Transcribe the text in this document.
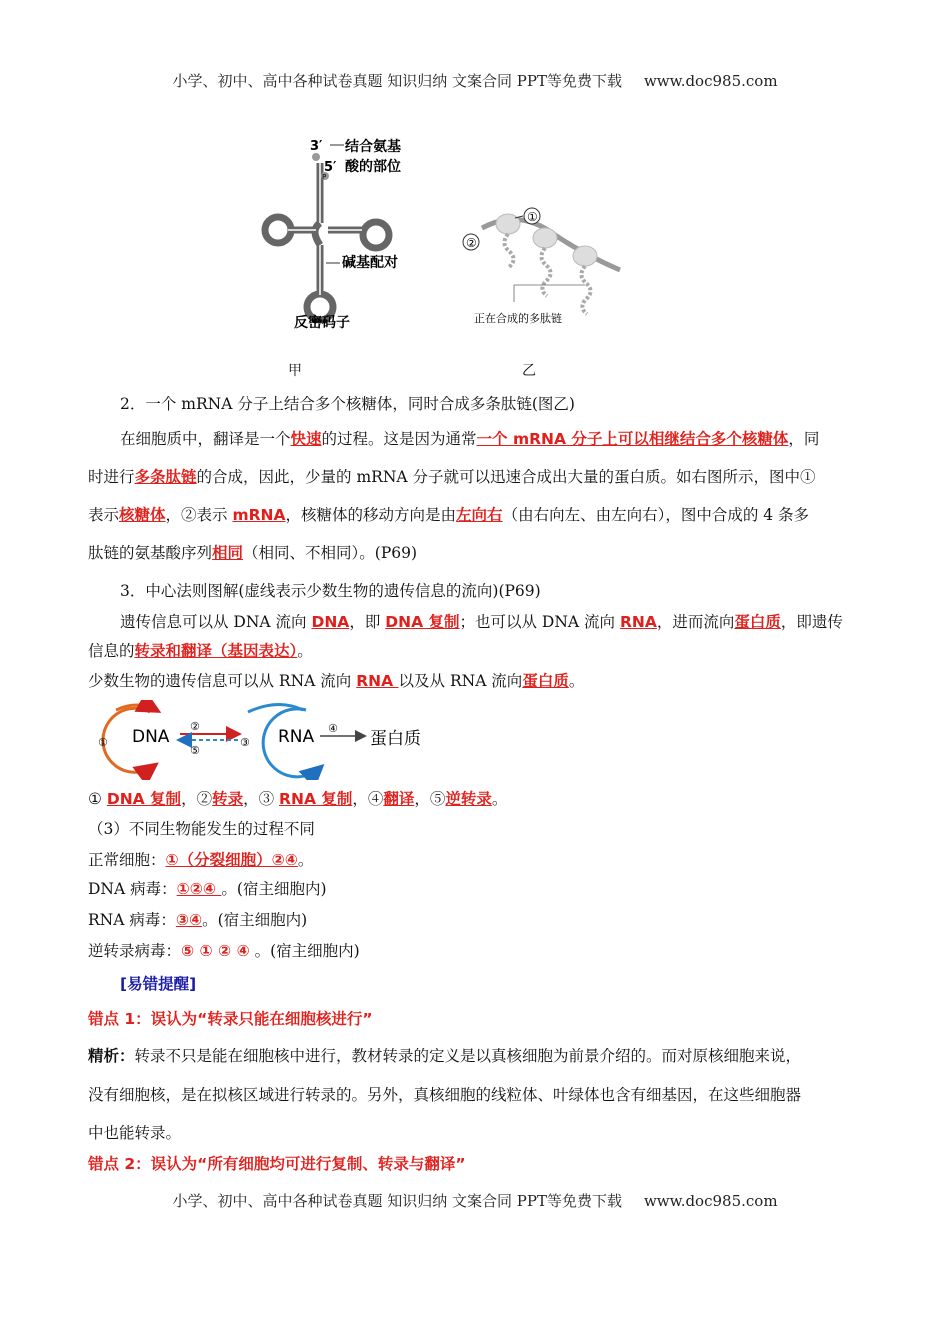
小学、初中、高中各种试卷真题 知识归纳 文案合同 PPT等免费下载 www.doc985.com
3′
5′
P
结合氨基
酸的部位
碱基配对
反密码子
甲
①
②
正在合成的多肽链
乙
2．一个 mRNA 分子上结合多个核糖体，同时合成多条肽链(图乙)
在细胞质中，翻译是一个快速的过程。这是因为通常一个 mRNA 分子上可以相继结合多个核糖体，同
时进行多条肽链的合成，因此，少量的 mRNA 分子就可以迅速合成出大量的蛋白质。如右图所示，图中①
表示核糖体，②表示 mRNA，核糖体的移动方向是由左向右（由右向左、由左向右），图中合成的 4 条多
肽链的氨基酸序列相同（相同、不相同）。(P69)
3．中心法则图解(虚线表示少数生物的遗传信息的流向)(P69)
遗传信息可以从 DNA 流向 DNA，即 DNA 复制；也可以从 DNA 流向 RNA，进而流向蛋白质，即遗传
信息的转录和翻译（基因表达）。
少数生物的遗传信息可以从 RNA 流向 RNA 以及从 RNA 流向蛋白质。
DNA	RNA	蛋白质
①
②
③
④
⑤
① DNA 复制，②转录，③ RNA 复制，④翻译，⑤逆转录。
（3）不同生物能发生的过程不同
正常细胞：①（分裂细胞）②④。
DNA 病毒：①②④ 。(宿主细胞内)
RNA 病毒：③④。(宿主细胞内)
逆转录病毒：⑤ ① ② ④ 。(宿主细胞内)
[易错提醒]
错点 1：误认为“转录只能在细胞核进行”
精析：转录不只是能在细胞核中进行，教材转录的定义是以真核细胞为前景介绍的。而对原核细胞来说，
没有细胞核，是在拟核区域进行转录的。另外，真核细胞的线粒体、叶绿体也含有细基因，在这些细胞器
中也能转录。
错点 2：误认为“所有细胞均可进行复制、转录与翻译”
小学、初中、高中各种试卷真题 知识归纳 文案合同 PPT等免费下载 www.doc985.com
